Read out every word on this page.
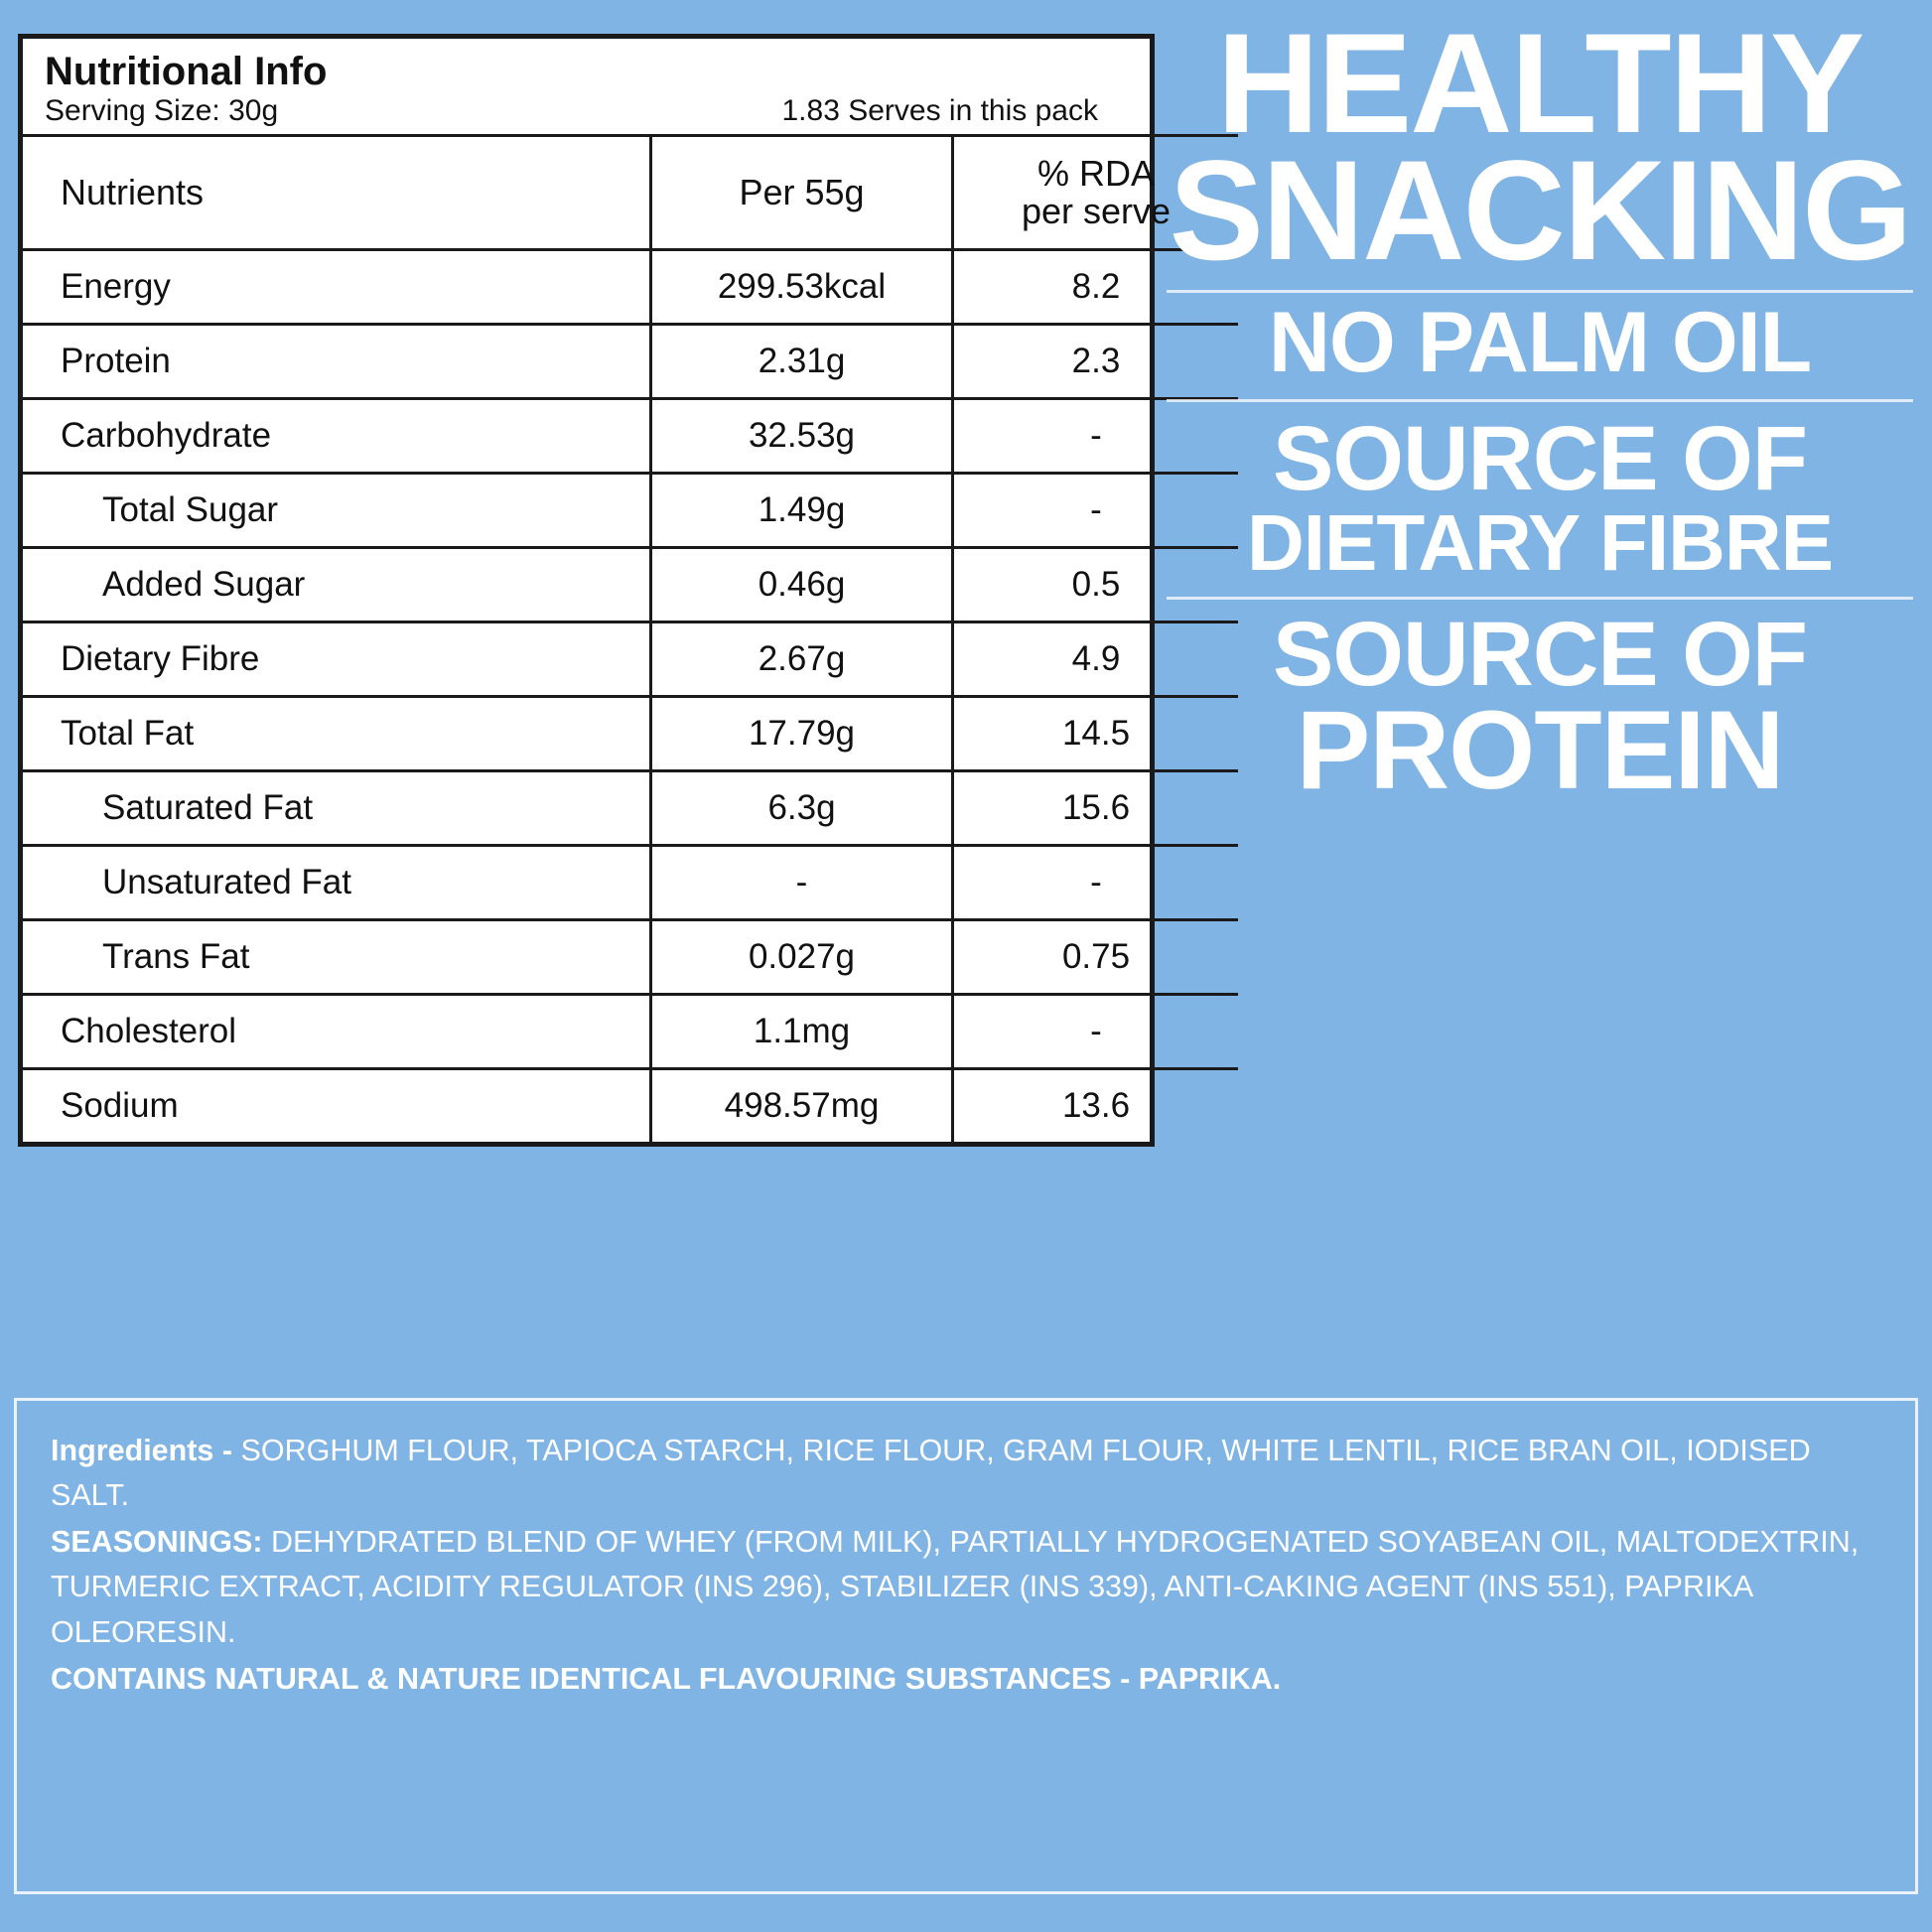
Nutritional Info
Serving Size: 30g	1.83 Serves in this pack
Nutrients	Per 55g	% RDA
per serve

Energy	299.53kcal	8.2
Protein	2.31g	2.3
Carbohydrate	32.53g	-
Total Sugar	1.49g	-
Added Sugar	0.46g	0.5
Dietary Fibre	2.67g	4.9
Total Fat	17.79g	14.5
Saturated Fat	6.3g	15.6
Unsaturated Fat	-	-
Trans Fat	0.027g	0.75
Cholesterol	1.1mg	-
Sodium	498.57mg	13.6
HEALTHY
SNACKING
NO PALM OIL
SOURCE OF
DIETARY FIBRE
SOURCE OF
PROTEIN

Ingredients - SORGHUM FLOUR, TAPIOCA STARCH, RICE FLOUR, GRAM FLOUR, WHITE LENTIL, RICE BRAN OIL, IODISED SALT.

SEASONINGS: DEHYDRATED BLEND OF WHEY (FROM MILK), PARTIALLY HYDROGENATED SOYABEAN OIL, MALTODEXTRIN, TURMERIC EXTRACT, ACIDITY REGULATOR (INS 296), STABILIZER (INS 339), ANTI-CAKING AGENT (INS 551), PAPRIKA OLEORESIN.

CONTAINS NATURAL & NATURE IDENTICAL FLAVOURING SUBSTANCES - PAPRIKA.
